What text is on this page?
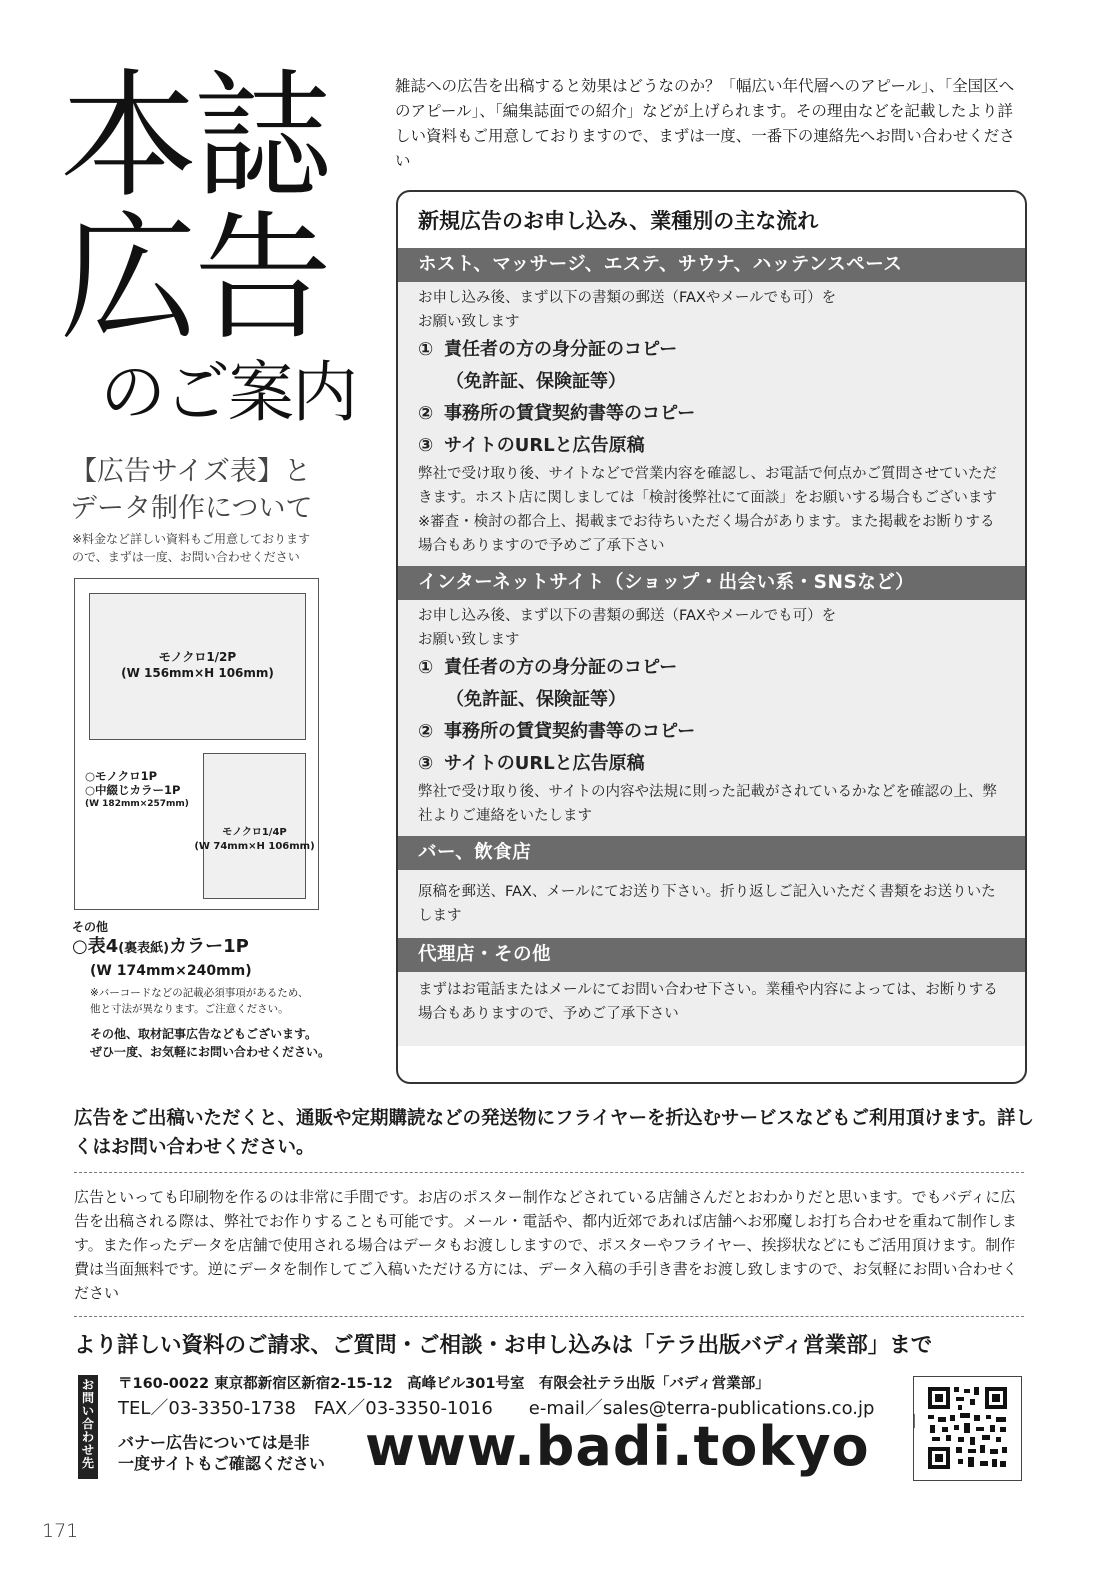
本誌
広告
のご案内
【広告サイズ表】と
データ制作について
※料金など詳しい資料もご用意しております
ので、まずは一度、お問い合わせください
モノクロ1/2P
(W 156mm×H 106mm)
○モノクロ1P
○中綴じカラー1P
(W 182mm×257mm)
モノクロ1/4P
(W 74mm×H 106mm)
その他
○表4(裏表紙)カラー1P
(W 174mm×240mm)
※バーコードなどの記載必須事項があるため、
他と寸法が異なります。ご注意ください。
その他、取材記事広告などもございます。
ぜひ一度、お気軽にお問い合わせください。
雑誌への広告を出稿すると効果はどうなのか？「幅広い年代層へのアピール」、「全国区へのアピール」、「編集誌面での紹介」などが上げられます。その理由などを記載したより詳しい資料もご用意しておりますので、まずは一度、一番下の連絡先へお問い合わせください
新規広告のお申し込み、業種別の主な流れ
ホスト、マッサージ、エステ、サウナ、ハッテンスペース
お申し込み後、まず以下の書類の郵送（FAXやメールでも可）を
お願い致します
① 責任者の方の身分証のコピー
（免許証、保険証等）
② 事務所の賃貸契約書等のコピー
③ サイトのURLと広告原稿
弊社で受け取り後、サイトなどで営業内容を確認し、お電話で何点かご質問させていただきます。ホスト店に関しましては「検討後弊社にて面談」をお願いする場合もございます
※審査・検討の都合上、掲載までお待ちいただく場合があります。また掲載をお断りする場合もありますので予めご了承下さい
インターネットサイト（ショップ・出会い系・SNSなど）
お申し込み後、まず以下の書類の郵送（FAXやメールでも可）を
お願い致します
① 責任者の方の身分証のコピー
（免許証、保険証等）
② 事務所の賃貸契約書等のコピー
③ サイトのURLと広告原稿
弊社で受け取り後、サイトの内容や法規に則った記載がされているかなどを確認の上、弊社よりご連絡をいたします
バー、飲食店
原稿を郵送、FAX、メールにてお送り下さい。折り返しご記入いただく書類をお送りいたします
代理店・その他
まずはお電話またはメールにてお問い合わせ下さい。業種や内容によっては、お断りする場合もありますので、予めご了承下さい
広告をご出稿いただくと、通販や定期購読などの発送物にフライヤーを折込むサービスなどもご利用頂けます。詳しくはお問い合わせください。
広告といっても印刷物を作るのは非常に手間です。お店のポスター制作などされている店舗さんだとおわかりだと思います。でもバディに広告を出稿される際は、弊社でお作りすることも可能です。メール・電話や、都内近郊であれば店舗へお邪魔しお打ち合わせを重ねて制作します。また作ったデータを店舗で使用される場合はデータもお渡ししますので、ポスターやフライヤー、挨拶状などにもご活用頂けます。制作費は当面無料です。逆にデータを制作してご入稿いただける方には、データ入稿の手引き書をお渡し致しますので、お気軽にお問い合わせください
より詳しい資料のご請求、ご質問・ご相談・お申し込みは「テラ出版バディ営業部」まで
お問い合わせ先
〒160-0022 東京都新宿区新宿2-15-12　高峰ビル301号室　有限会社テラ出版「バディ営業部」
TEL／03-3350-1738　FAX／03-3350-1016　　e-mail／sales@terra-publications.co.jp
バナー広告については是非
一度サイトもご確認ください www.badi.tokyo
171
